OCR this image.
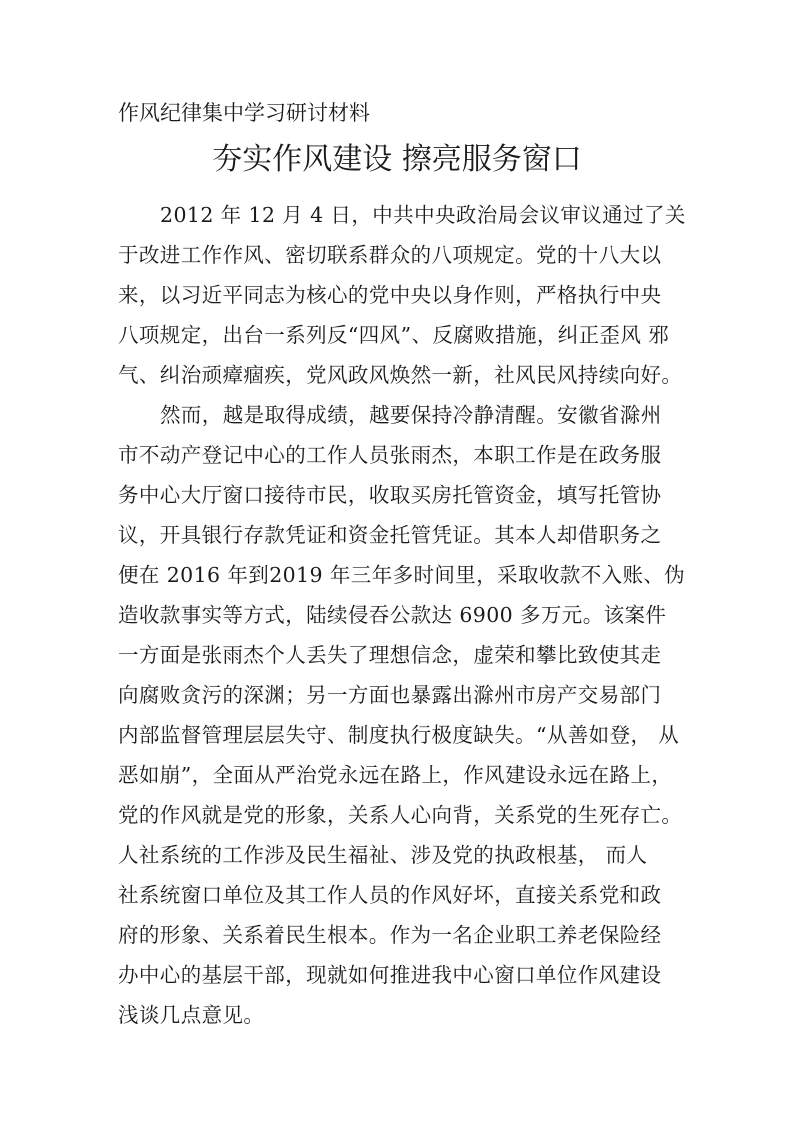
作风纪律集中学习研讨材料
夯实作风建设 擦亮服务窗口
2012 年 12 月 4 日，中共中央政治局会议审议通过了关
于改进工作作风、密切联系群众的八项规定。党的十八大以
来，以习近平同志为核心的党中央以身作则，严格执行中央
八项规定，出台一系列反“四风”、反腐败措施，纠正歪风 邪
气、纠治顽瘴痼疾，党风政风焕然一新，社风民风持续向好。
然而，越是取得成绩，越要保持冷静清醒。安徽省滁州
市不动产登记中心的工作人员张雨杰，本职工作是在政务服
务中心大厅窗口接待市民，收取买房托管资金，填写托管协
议，开具银行存款凭证和资金托管凭证。其本人却借职务之
便在 2016 年到2019 年三年多时间里，采取收款不入账、伪
造收款事实等方式，陆续侵吞公款达 6900 多万元。该案件
一方面是张雨杰个人丢失了理想信念，虚荣和攀比致使其走
向腐败贪污的深渊；另一方面也暴露出滁州市房产交易部门
内部监督管理层层失守、制度执行极度缺失。“从善如登， 从
恶如崩”，全面从严治党永远在路上，作风建设永远在路上，
党的作风就是党的形象，关系人心向背，关系党的生死存亡。
人社系统的工作涉及民生福祉、涉及党的执政根基， 而人
社系统窗口单位及其工作人员的作风好坏，直接关系党和政
府的形象、关系着民生根本。作为一名企业职工养老保险经
办中心的基层干部，现就如何推进我中心窗口单位作风建设
浅谈几点意见。
